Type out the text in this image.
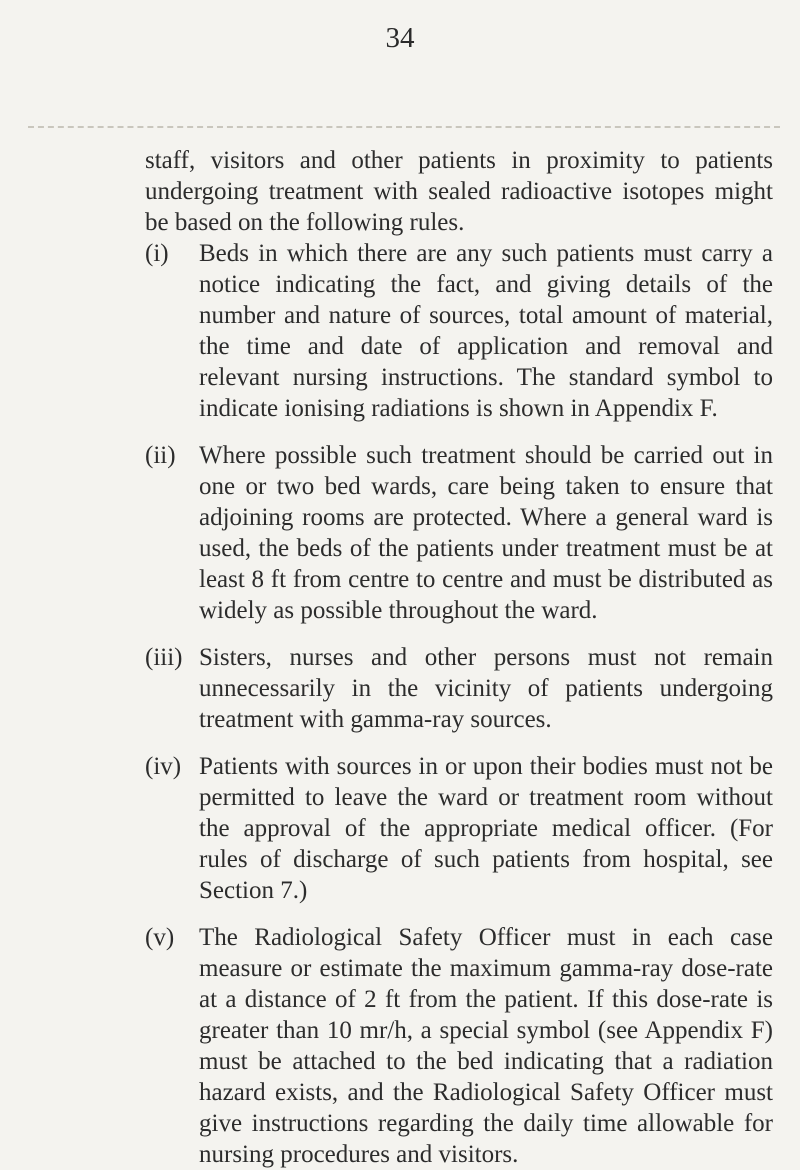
34

staff, visitors and other patients in proximity to patients undergoing treatment with sealed radioactive isotopes might be based on the following rules.

(i)	Beds in which there are any such patients must carry a notice indicating the fact, and giving details of the number and nature of sources, total amount of material, the time and date of application and removal and relevant nursing instructions. The standard symbol to indicate ionising radiations is shown in Appendix F.
(ii) Where possible such treatment should be carried out in one or two bed wards, care being taken to ensure that adjoining rooms are protected. Where a general ward is used, the beds of the patients under treatment must be at least 8 ft from centre to centre and must be distributed as widely as possible throughout the ward.
(iii) Sisters, nurses and other persons must not remain unnecessarily in the vicinity of patients undergoing treatment with gamma-ray sources.
(iv) Patients with sources in or upon their bodies must not be permitted to leave the ward or treatment room without the approval of the appropriate medical officer. (For rules of discharge of such patients from hospital, see Section 7.)
(v) The Radiological Safety Officer must in each case measure or estimate the maximum gamma-ray dose-rate at a distance of 2 ft from the patient. If this dose-rate is greater than 10 mr/h, a special symbol (see Appendix F) must be attached to the bed indicating that a radiation hazard exists, and the Radiological Safety Officer must give instructions regarding the daily time allowable for nursing procedures and visitors.
